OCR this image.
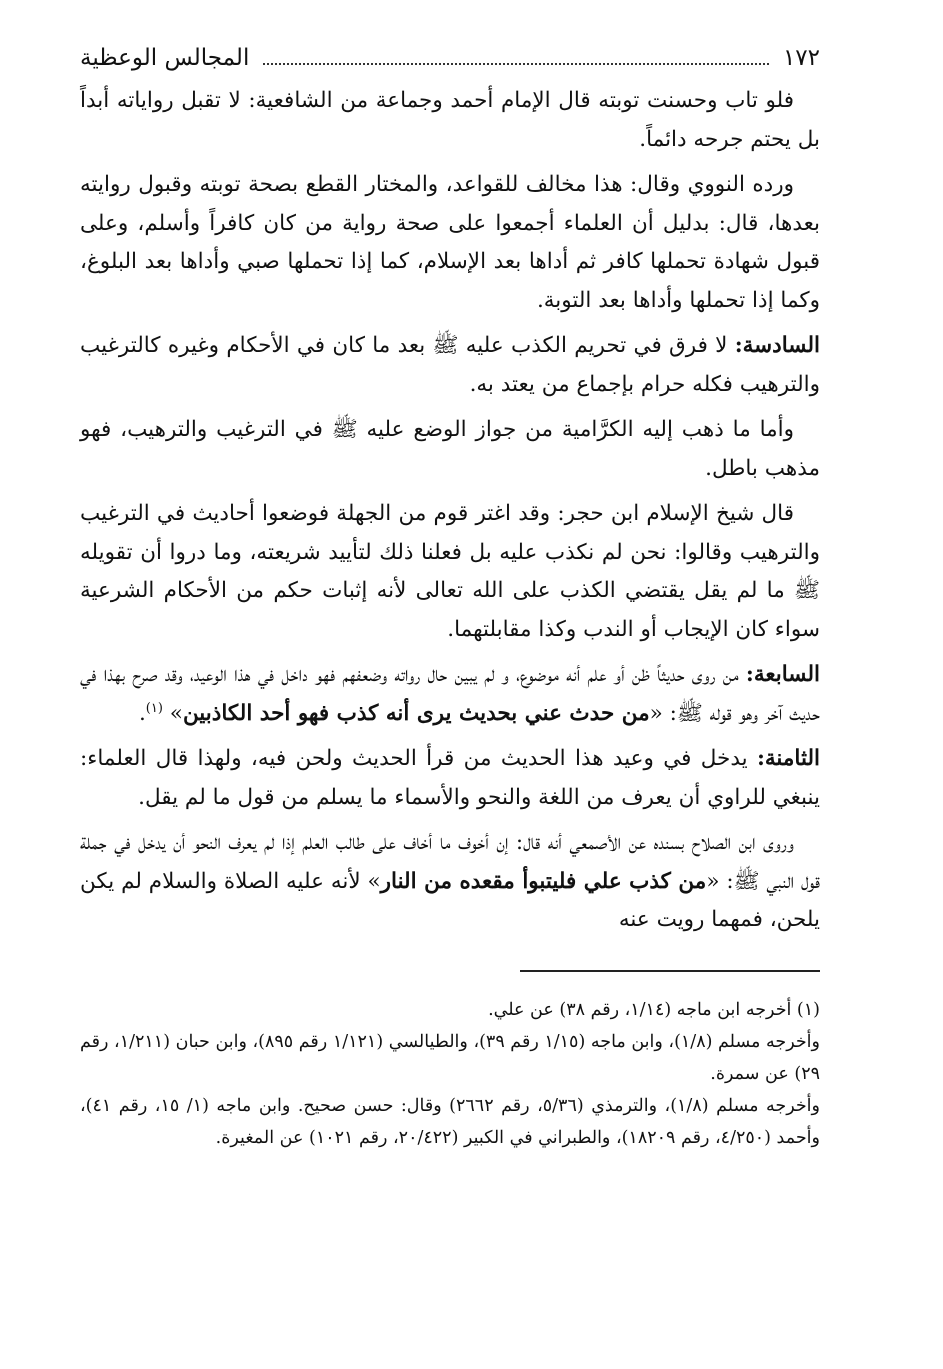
١٧٢
المجالس الوعظية

فلو تاب وحسنت توبته قال الإمام أحمد وجماعة من الشافعية: لا تقبل رواياته أبداً بل يحتم جرحه دائماً.

ورده النووي وقال: هذا مخالف للقواعد، والمختار القطع بصحة توبته وقبول روايته بعدها، قال: بدليل أن العلماء أجمعوا على صحة رواية من كان كافراً وأسلم، وعلى قبول شهادة تحملها كافر ثم أداها بعد الإسلام، كما إذا تحملها صبي وأداها بعد البلوغ، وكما إذا تحملها وأداها بعد التوبة.

السادسة: لا فرق في تحريم الكذب عليه ﷺ بعد ما كان في الأحكام وغيره كالترغيب والترهيب فكله حرام بإجماع من يعتد به.

وأما ما ذهب إليه الكرَّامية من جواز الوضع عليه ﷺ في الترغيب والترهيب، فهو مذهب باطل.

قال شيخ الإسلام ابن حجر: وقد اغتر قوم من الجهلة فوضعوا أحاديث في الترغيب والترهيب وقالوا: نحن لم نكذب عليه بل فعلنا ذلك لتأييد شريعته، وما دروا أن تقويله ﷺ ما لم يقل يقتضي الكذب على الله تعالى لأنه إثبات حكم من الأحكام الشرعية سواء كان الإيجاب أو الندب وكذا مقابلتهما.

السابعة: من روى حديثاً ظن أو علم أنه موضوع، و لم يبين حال رواته وضعفهم فهو داخل في هذا الوعيد، وقد صرح بهذا في حديث آخر وهو قوله ﷺ: «من حدث عني بحديث يرى أنه كذب فهو أحد الكاذبين» $^{(١)}$.

الثامنة: يدخل في وعيد هذا الحديث من قرأ الحديث ولحن فيه، ولهذا قال العلماء: ينبغي للراوي أن يعرف من اللغة والنحو والأسماء ما يسلم من قول ما لم يقل.

وروى ابن الصلاح بسنده عن الأصمعي أنه قال: إن أخوف ما أخاف على طالب العلم إذا لم يعرف النحو أن يدخل في جملة قول النبي ﷺ: «من كذب علي فليتبوأ مقعده من النار» لأنه عليه الصلاة والسلام لم يكن يلحن، فمهما رويت عنه

(١) أخرجه ابن ماجه (١/١٤، رقم ٣٨) عن علي.

وأخرجه مسلم (١/٨)، وابن ماجه (١/١٥ رقم ٣٩)، والطيالسي (١/١٢١ رقم ٨٩٥)، وابن حبان (١/٢١١، رقم ٢٩) عن سمرة.

وأخرجه مسلم (١/٨)، والترمذي (٥/٣٦، رقم ٢٦٦٢) وقال: حسن صحيح. وابن ماجه (١/ ١٥، رقم ٤١)، وأحمد (٤/٢٥٠، رقم ١٨٢٠٩)، والطبراني في الكبير (٢٠/٤٢٢، رقم ١٠٢١) عن المغيرة.
